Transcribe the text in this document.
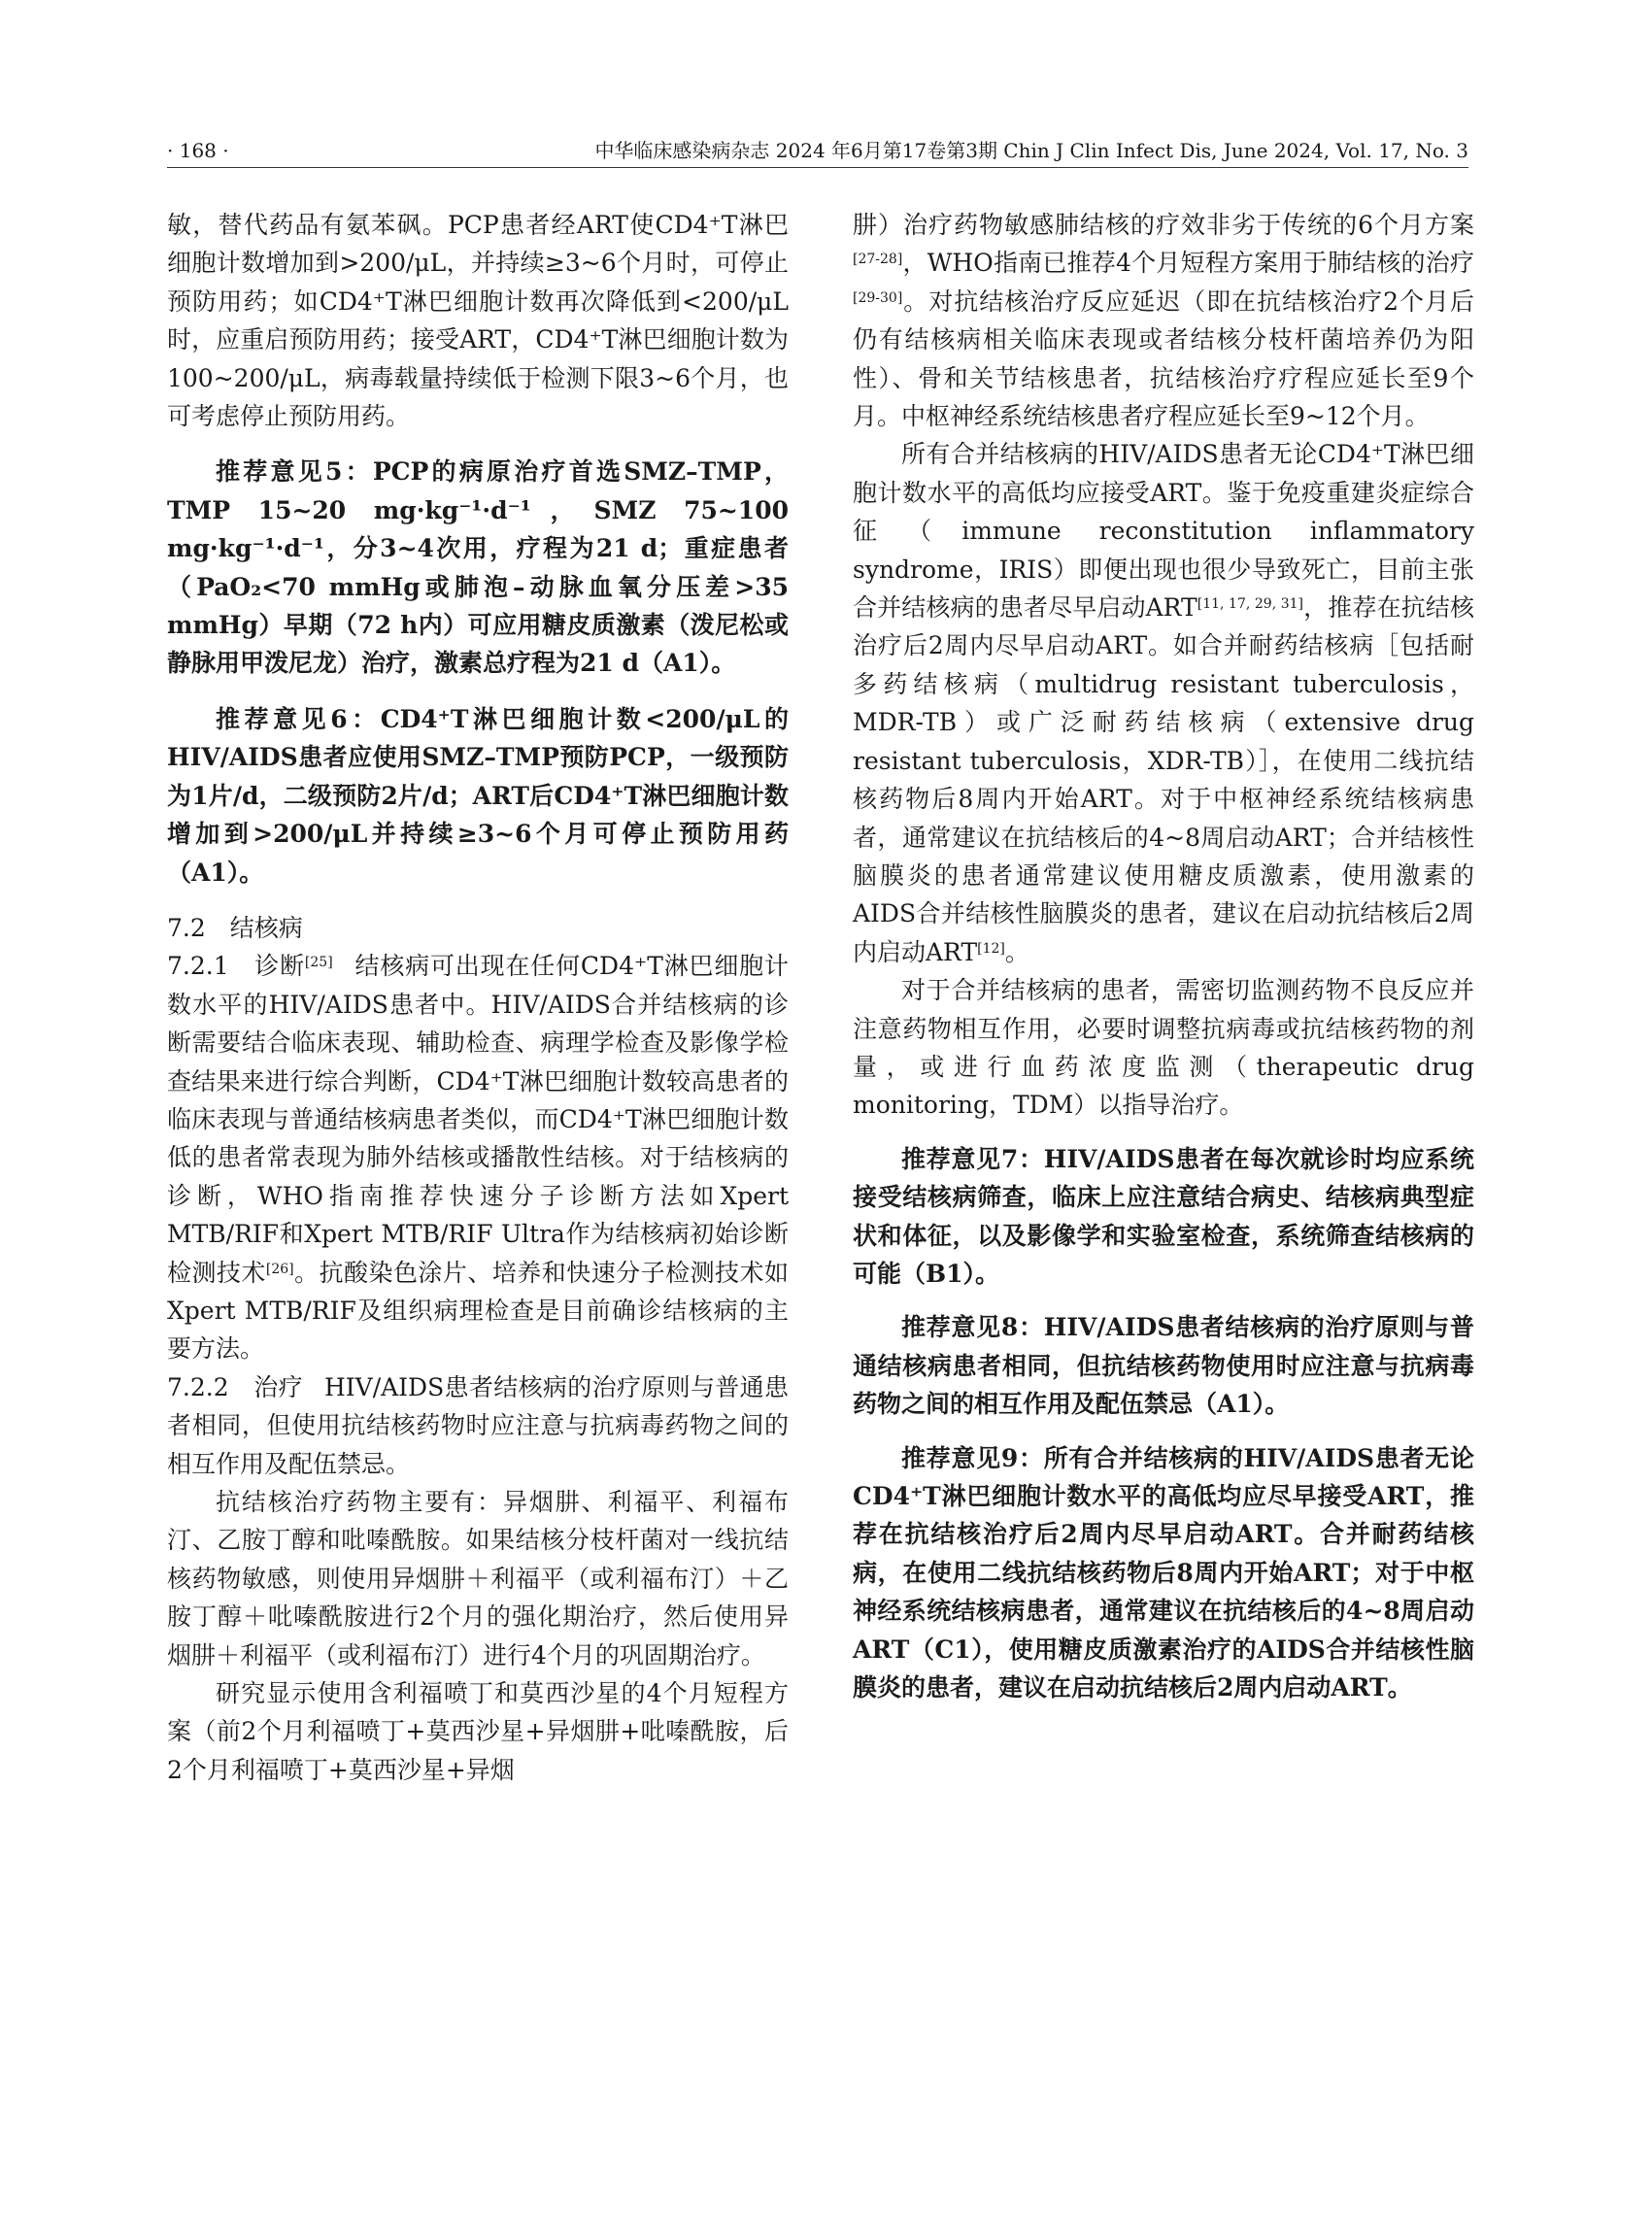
· 168 ·	中华临床感染病杂志 2024 年6月第17卷第3期 Chin J Clin Infect Dis, June 2024, Vol. 17, No. 3

敏，替代药品有氨苯砜。PCP患者经ART使CD4⁺T淋巴细胞计数增加到>200/μL，并持续≥3~6个月时，可停止预防用药；如CD4⁺T淋巴细胞计数再次降低到<200/μL时，应重启预防用药；接受ART，CD4⁺T淋巴细胞计数为100~200/μL，病毒载量持续低于检测下限3~6个月，也可考虑停止预防用药。

推荐意见5：PCP的病原治疗首选SMZ–TMP，TMP 15~20 mg·kg⁻¹·d⁻¹，SMZ 75~100 mg·kg⁻¹·d⁻¹，分3~4次用，疗程为21 d；重症患者（PaO₂<70 mmHg或肺泡–动脉血氧分压差>35 mmHg）早期（72 h内）可应用糖皮质激素（泼尼松或静脉用甲泼尼龙）治疗，激素总疗程为21 d（A1）。

推荐意见6：CD4⁺T淋巴细胞计数<200/μL的HIV/AIDS患者应使用SMZ–TMP预防PCP，一级预防为1片/d，二级预防2片/d；ART后CD4⁺T淋巴细胞计数增加到>200/μL并持续≥3~6个月可停止预防用药（A1）。

7.2　结核病

7.2.1　诊断[25] 结核病可出现在任何CD4⁺T淋巴细胞计数水平的HIV/AIDS患者中。HIV/AIDS合并结核病的诊断需要结合临床表现、辅助检查、病理学检查及影像学检查结果来进行综合判断，CD4⁺T淋巴细胞计数较高患者的临床表现与普通结核病患者类似，而CD4⁺T淋巴细胞计数低的患者常表现为肺外结核或播散性结核。对于结核病的诊断，WHO指南推荐快速分子诊断方法如Xpert MTB/RIF和Xpert MTB/RIF Ultra作为结核病初始诊断检测技术[26]。抗酸染色涂片、培养和快速分子检测技术如Xpert MTB/RIF及组织病理检查是目前确诊结核病的主要方法。

7.2.2　治疗 HIV/AIDS患者结核病的治疗原则与普通患者相同，但使用抗结核药物时应注意与抗病毒药物之间的相互作用及配伍禁忌。

抗结核治疗药物主要有：异烟肼、利福平、利福布汀、乙胺丁醇和吡嗪酰胺。如果结核分枝杆菌对一线抗结核药物敏感，则使用异烟肼＋利福平（或利福布汀）＋乙胺丁醇＋吡嗪酰胺进行2个月的强化期治疗，然后使用异烟肼＋利福平（或利福布汀）进行4个月的巩固期治疗。

研究显示使用含利福喷丁和莫西沙星的4个月短程方案（前2个月利福喷丁+莫西沙星+异烟肼+吡嗪酰胺，后2个月利福喷丁+莫西沙星+异烟

肼）治疗药物敏感肺结核的疗效非劣于传统的6个月方案[27-28]，WHO指南已推荐4个月短程方案用于肺结核的治疗[29-30]。对抗结核治疗反应延迟（即在抗结核治疗2个月后仍有结核病相关临床表现或者结核分枝杆菌培养仍为阳性）、骨和关节结核患者，抗结核治疗疗程应延长至9个月。中枢神经系统结核患者疗程应延长至9~12个月。

所有合并结核病的HIV/AIDS患者无论CD4⁺T淋巴细胞计数水平的高低均应接受ART。鉴于免疫重建炎症综合征（immune reconstitution inflammatory syndrome，IRIS）即便出现也很少导致死亡，目前主张合并结核病的患者尽早启动ART[11, 17, 29, 31]，推荐在抗结核治疗后2周内尽早启动ART。如合并耐药结核病［包括耐多药结核病（multidrug resistant tuberculosis，MDR-TB）或广泛耐药结核病（extensive drug resistant tuberculosis，XDR-TB）］，在使用二线抗结核药物后8周内开始ART。对于中枢神经系统结核病患者，通常建议在抗结核后的4~8周启动ART；合并结核性脑膜炎的患者通常建议使用糖皮质激素，使用激素的AIDS合并结核性脑膜炎的患者，建议在启动抗结核后2周内启动ART[12]。

对于合并结核病的患者，需密切监测药物不良反应并注意药物相互作用，必要时调整抗病毒或抗结核药物的剂量，或进行血药浓度监测（therapeutic drug monitoring，TDM）以指导治疗。

推荐意见7：HIV/AIDS患者在每次就诊时均应系统接受结核病筛查，临床上应注意结合病史、结核病典型症状和体征，以及影像学和实验室检查，系统筛查结核病的可能（B1）。

推荐意见8：HIV/AIDS患者结核病的治疗原则与普通结核病患者相同，但抗结核药物使用时应注意与抗病毒药物之间的相互作用及配伍禁忌（A1）。

推荐意见9：所有合并结核病的HIV/AIDS患者无论CD4⁺T淋巴细胞计数水平的高低均应尽早接受ART，推荐在抗结核治疗后2周内尽早启动ART。合并耐药结核病，在使用二线抗结核药物后8周内开始ART；对于中枢神经系统结核病患者，通常建议在抗结核后的4~8周启动ART（C1），使用糖皮质激素治疗的AIDS合并结核性脑膜炎的患者，建议在启动抗结核后2周内启动ART。
